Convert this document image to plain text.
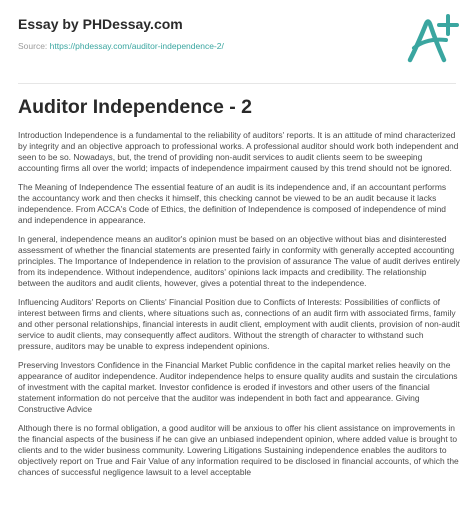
Essay by PHDessay.com
Source: https://phdessay.com/auditor-independence-2/
Auditor Independence - 2

Introduction Independence is a fundamental to the reliability of auditors' reports. It is an attitude of mind characterized by integrity and an objective approach to professional works. A professional auditor should work both independent and seen to be so. Nowadays, but, the trend of providing non-audit services to audit clients seem to be sweeping accounting firms all over the world; impacts of independence impairment caused by this trend should not be ignored.

The Meaning of Independence The essential feature of an audit is its independence and, if an accountant performs the accountancy work and then checks it himself, this checking cannot be viewed to be an audit because it lacks independence. From ACCA's Code of Ethics, the definition of Independence is composed of independence of mind and independence in appearance.

In general, independence means an auditor's opinion must be based on an objective without bias and disinterested assessment of whether the financial statements are presented fairly in conformity with generally accepted accounting principles. The Importance of Independence in relation to the provision of assurance The value of audit derives entirely from its independence. Without independence, auditors' opinions lack impacts and credibility. The relationship between the auditors and audit clients, however, gives a potential threat to the independence.

Influencing Auditors' Reports on Clients' Financial Position due to Conflicts of Interests: Possibilities of conflicts of interest between firms and clients, where situations such as, connections of an audit firm with associated firms, family and other personal relationships, financial interests in audit client, employment with audit clients, provision of non-audit service to audit clients, may consequently affect auditors. Without the strength of character to withstand such pressure, auditors may be unable to express independent opinions.

Preserving Investors Confidence in the Financial Market Public confidence in the capital market relies heavily on the appearance of auditor independence. Auditor independence helps to ensure quality audits and sustain the circulations of investment with the capital market. Investor confidence is eroded if investors and other users of the financial statement information do not perceive that the auditor was independent in both fact and appearance. Giving Constructive Advice

Although there is no formal obligation, a good auditor will be anxious to offer his client assistance on improvements in the financial aspects of the business if he can give an unbiased independent opinion, where added value is brought to clients and to the wider business community. Lowering Litigations Sustaining independence enables the auditors to objectively report on True and Fair Value of any information required to be disclosed in financial accounts, of which the chances of successful negligence lawsuit to a level acceptable
